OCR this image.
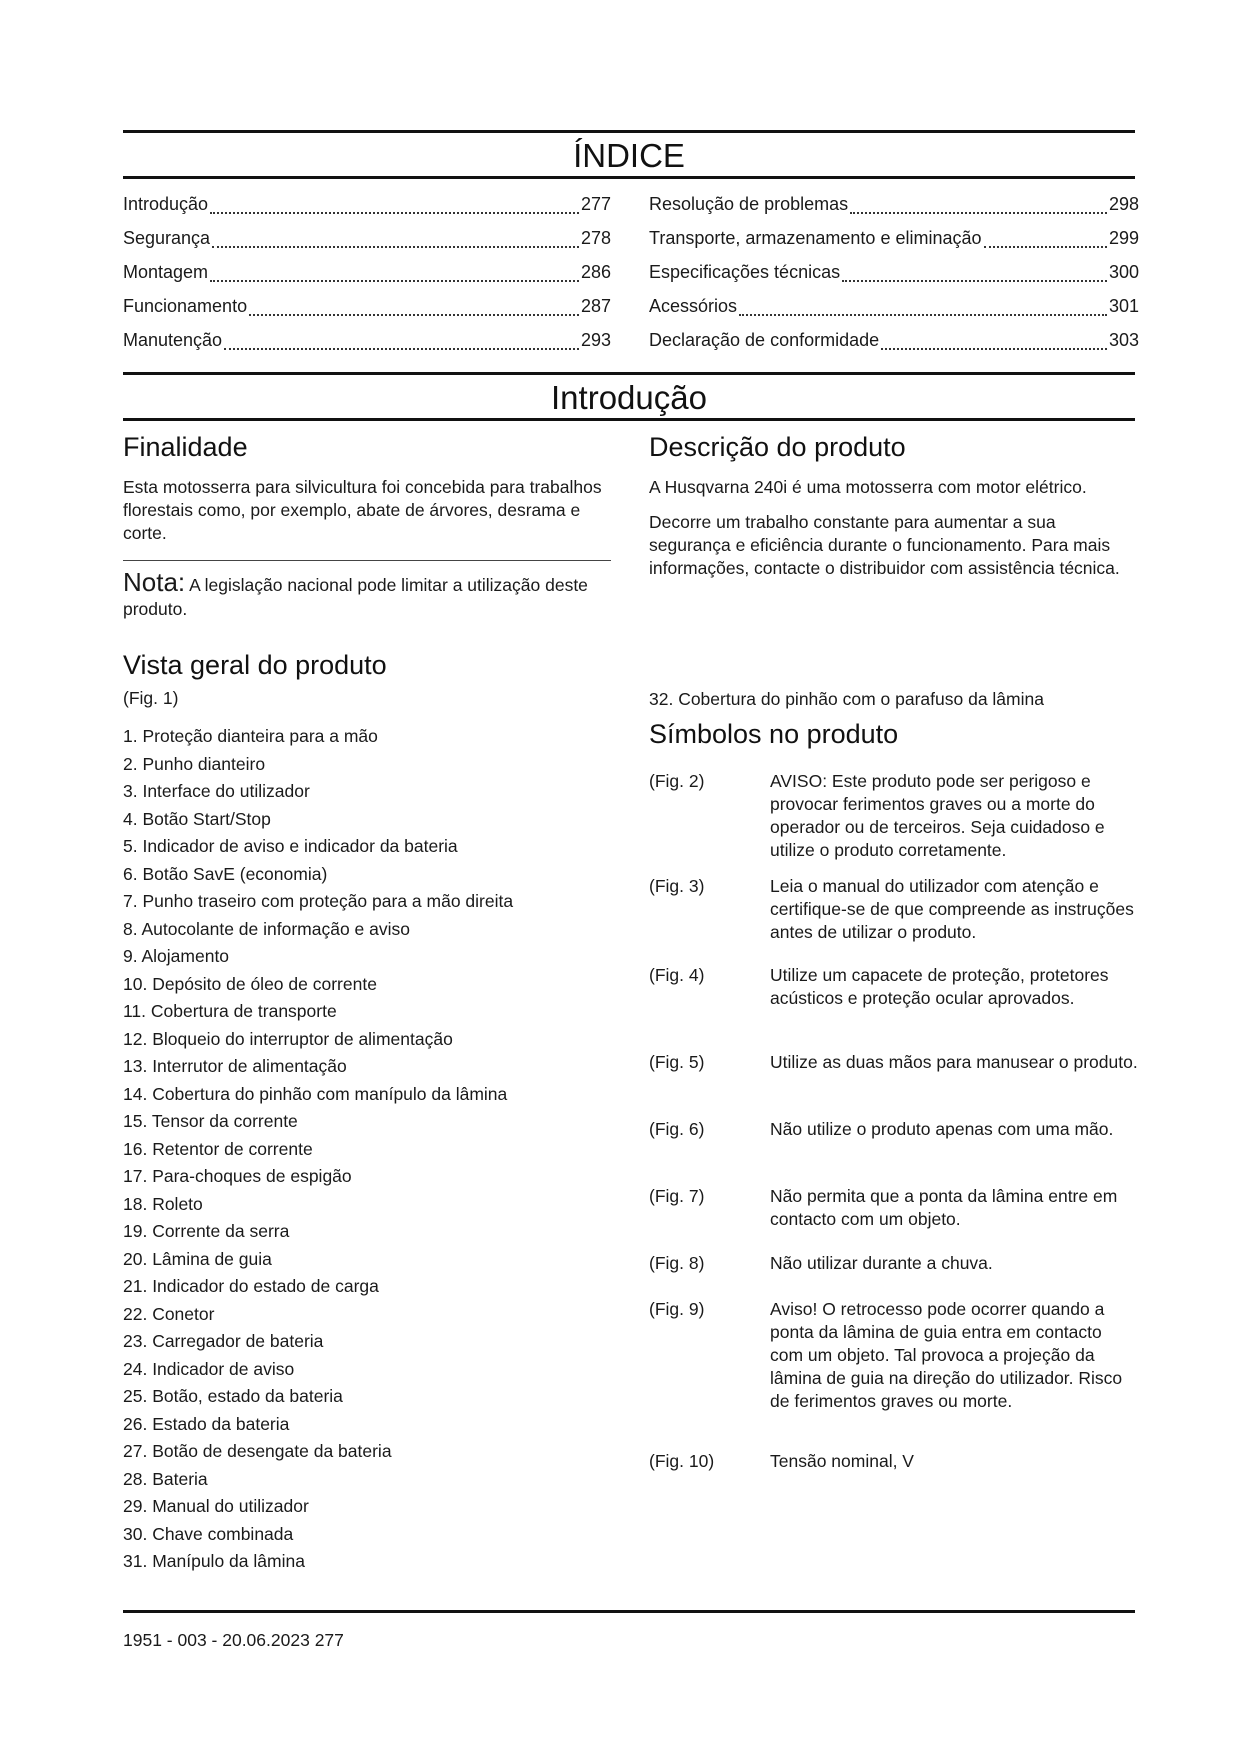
ÍNDICE
Introdução	277
Segurança	278
Montagem	286
Funcionamento	287
Manutenção	293
Resolução de problemas	298
Transporte, armazenamento e eliminação	299
Especificações técnicas	300
Acessórios	301
Declaração de conformidade	303
Introdução
Finalidade

Esta motosserra para silvicultura foi concebida para trabalhos florestais como, por exemplo, abate de árvores, desrama e corte.

Nota: A legislação nacional pode limitar a utilização deste produto.
Descrição do produto

A Husqvarna 240i é uma motosserra com motor elétrico.

Decorre um trabalho constante para aumentar a sua segurança e eficiência durante o funcionamento. Para mais informações, contacte o distribuidor com assistência técnica.

Vista geral do produto
(Fig. 1)
1. Proteção dianteira para a mão
2. Punho dianteiro
3. Interface do utilizador
4. Botão Start/Stop
5. Indicador de aviso e indicador da bateria
6. Botão SavE (economia)
7. Punho traseiro com proteção para a mão direita
8. Autocolante de informação e aviso
9. Alojamento
10. Depósito de óleo de corrente
11. Cobertura de transporte
12. Bloqueio do interruptor de alimentação
13. Interrutor de alimentação
14. Cobertura do pinhão com manípulo da lâmina
15. Tensor da corrente
16. Retentor de corrente
17. Para-choques de espigão
18. Roleto
19. Corrente da serra
20. Lâmina de guia
21. Indicador do estado de carga
22. Conetor
23. Carregador de bateria
24. Indicador de aviso
25. Botão, estado da bateria
26. Estado da bateria
27. Botão de desengate da bateria
28. Bateria
29. Manual do utilizador
30. Chave combinada
31. Manípulo da lâmina
32. Cobertura do pinhão com o parafuso da lâmina
Símbolos no produto
(Fig. 2)	AVISO: Este produto pode ser perigoso e provocar ferimentos graves ou a morte do operador ou de terceiros. Seja cuidadoso e utilize o produto corretamente.
(Fig. 3)	Leia o manual do utilizador com atenção e certifique-se de que compreende as instruções antes de utilizar o produto.
(Fig. 4)	Utilize um capacete de proteção, protetores acústicos e proteção ocular aprovados.
(Fig. 5)	Utilize as duas mãos para manusear o produto.
(Fig. 6)	Não utilize o produto apenas com uma mão.
(Fig. 7)	Não permita que a ponta da lâmina entre em contacto com um objeto.
(Fig. 8)	Não utilizar durante a chuva.
(Fig. 9)	Aviso! O retrocesso pode ocorrer quando a ponta da lâmina de guia entra em contacto com um objeto. Tal provoca a projeção da lâmina de guia na direção do utilizador. Risco de ferimentos graves ou morte.
(Fig. 10)	Tensão nominal, V
1951 - 003 - 20.06.2023 277
